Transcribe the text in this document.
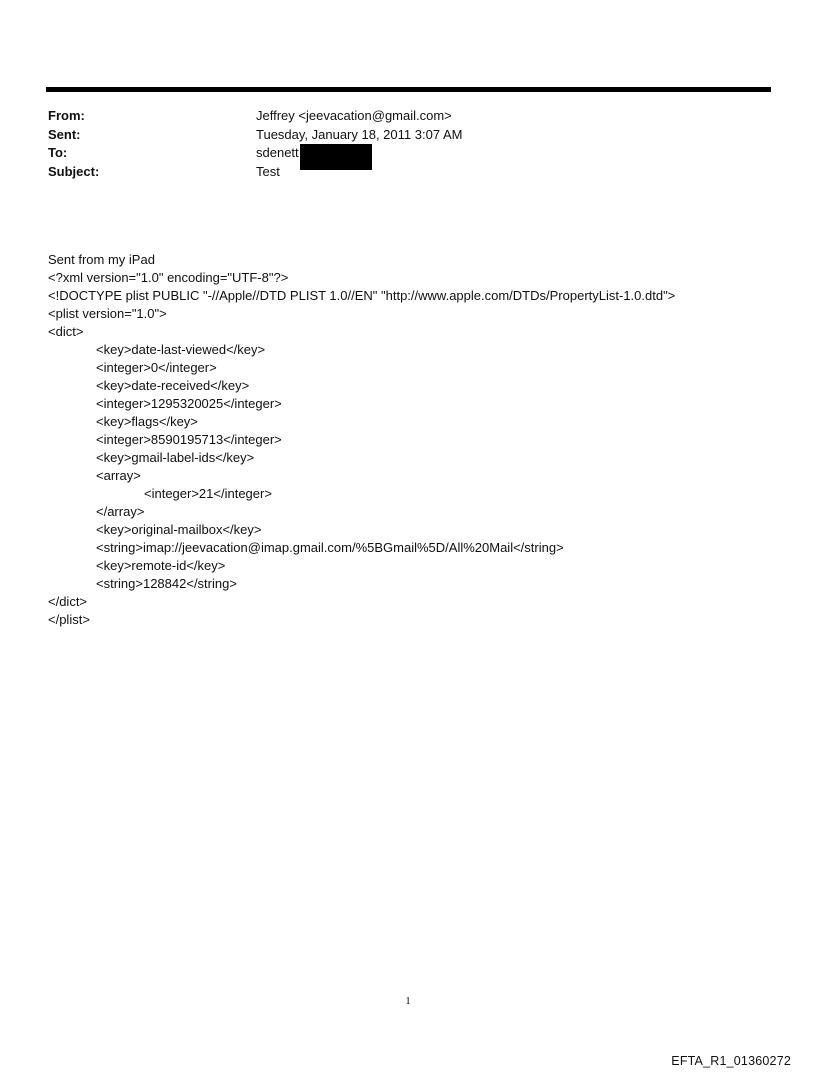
From:	Jeffrey <jeevacation@gmail.com>
Sent:	Tuesday, January 18, 2011 3:07 AM
To:	sdenett
Subject:	Test
Sent from my iPad
<?xml version="1.0" encoding="UTF-8"?>
<!DOCTYPE plist PUBLIC "-//Apple//DTD PLIST 1.0//EN" "http://www.apple.com/DTDs/PropertyList-1.0.dtd">
<plist version="1.0">
<dict>
<key>date-last-viewed</key>
<integer>0</integer>
<key>date-received</key>
<integer>1295320025</integer>
<key>flags</key>
<integer>8590195713</integer>
<key>gmail-label-ids</key>
<array>
<integer>21</integer>
</array>
<key>original-mailbox</key>
<string>imap://jeevacation@imap.gmail.com/%5BGmail%5D/All%20Mail</string>
<key>remote-id</key>
<string>128842</string>
</dict>
</plist>
1
EFTA_R1_01360272
